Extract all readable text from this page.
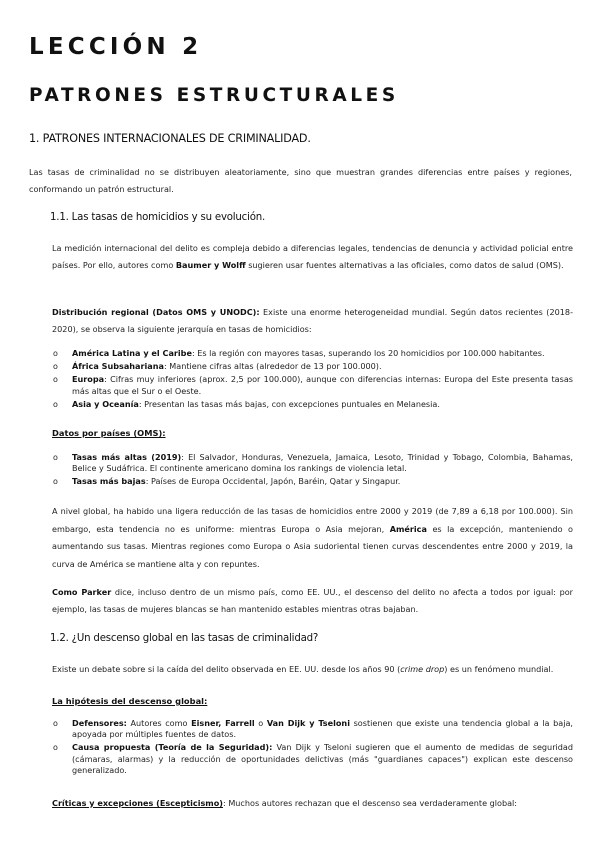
LECCIÓN 2
PATRONES ESTRUCTURALES
1. PATRONES INTERNACIONALES DE CRIMINALIDAD.

Las tasas de criminalidad no se distribuyen aleatoriamente, sino que muestran grandes diferencias entre países y regiones, conformando un patrón estructural.

1.1. Las tasas de homicidios y su evolución.

La medición internacional del delito es compleja debido a diferencias legales, tendencias de denuncia y actividad policial entre países. Por ello, autores como Baumer y Wolff sugieren usar fuentes alternativas a las oficiales, como datos de salud (OMS).

Distribución regional (Datos OMS y UNODC): Existe una enorme heterogeneidad mundial. Según datos recientes (2018-2020), se observa la siguiente jerarquía en tasas de homicidios:

o América Latina y el Caribe: Es la región con mayores tasas, superando los 20 homicidios por 100.000 habitantes.
o África Subsahariana: Mantiene cifras altas (alrededor de 13 por 100.000).
o Europa: Cifras muy inferiores (aprox. 2,5 por 100.000), aunque con diferencias internas: Europa del Este presenta tasas más altas que el Sur o el Oeste.
o Asia y Oceanía: Presentan las tasas más bajas, con excepciones puntuales en Melanesia.
Datos por países (OMS):
o Tasas más altas (2019): El Salvador, Honduras, Venezuela, Jamaica, Lesoto, Trinidad y Tobago, Colombia, Bahamas, Belice y Sudáfrica. El continente americano domina los rankings de violencia letal.
o Tasas más bajas: Países de Europa Occidental, Japón, Baréin, Qatar y Singapur.

A nivel global, ha habido una ligera reducción de las tasas de homicidios entre 2000 y 2019 (de 7,89 a 6,18 por 100.000). Sin embargo, esta tendencia no es uniforme: mientras Europa o Asia mejoran, América es la excepción, manteniendo o aumentando sus tasas. Mientras regiones como Europa o Asia sudoriental tienen curvas descendentes entre 2000 y 2019, la curva de América se mantiene alta y con repuntes.

Como Parker dice, incluso dentro de un mismo país, como EE. UU., el descenso del delito no afecta a todos por igual: por ejemplo, las tasas de mujeres blancas se han mantenido estables mientras otras bajaban.

1.2. ¿Un descenso global en las tasas de criminalidad?

Existe un debate sobre si la caída del delito observada en EE. UU. desde los años 90 (crime drop) es un fenómeno mundial.

La hipótesis del descenso global:
o Defensores: Autores como Eisner, Farrell o Van Dijk y Tseloni sostienen que existe una tendencia global a la baja, apoyada por múltiples fuentes de datos.
o Causa propuesta (Teoría de la Seguridad): Van Dijk y Tseloni sugieren que el aumento de medidas de seguridad (cámaras, alarmas) y la reducción de oportunidades delictivas (más "guardianes capaces") explican este descenso generalizado.

Críticas y excepciones (Escepticismo): Muchos autores rechazan que el descenso sea verdaderamente global:
